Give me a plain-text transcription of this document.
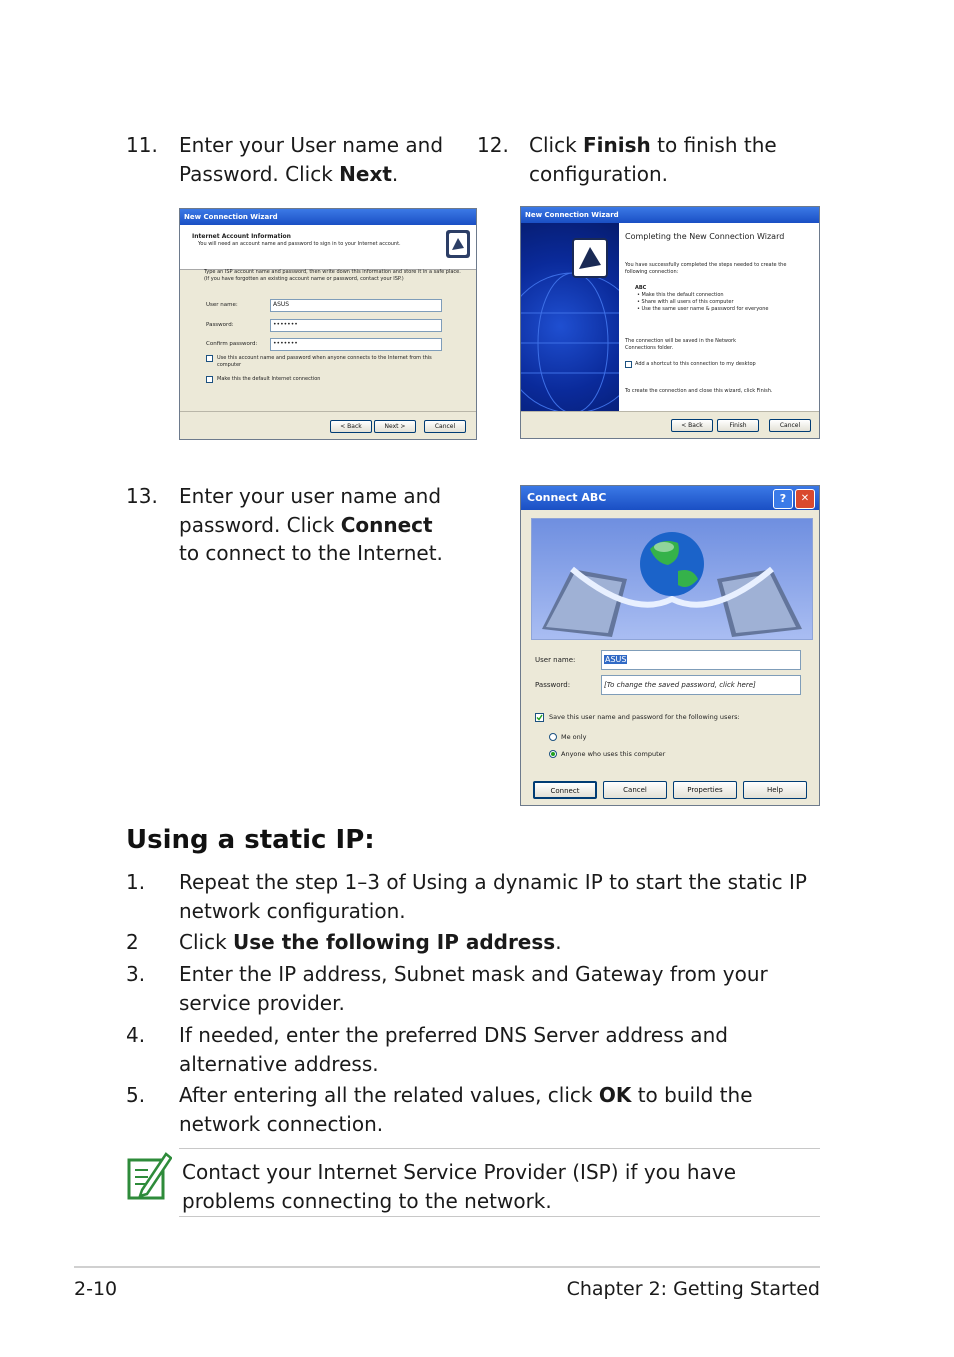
11. Enter your User name and Password. Click Next.
12. Click Finish to finish the configuration.
New Connection Wizard
Internet Account Information
You will need an account name and password to sign in to your Internet account.
Type an ISP account name and password, then write down this information and store it in a safe place. (If you have forgotten an existing account name or password, contact your ISP.)
User name:	ASUS
Password:	•••••••
Confirm password:	•••••••
Use this account name and password when anyone connects to the Internet from this computer
Make this the default Internet connection
< Back	Next >	Cancel
New Connection Wizard
Completing the New Connection Wizard
You have successfully completed the steps needed to create the following connection:
ABC
• Make this the default connection
• Share with all users of this computer
• Use the same user name & password for everyone
The connection will be saved in the Network Connections folder.
Add a shortcut to this connection to my desktop
To create the connection and close this wizard, click Finish.
< Back	Finish	Cancel
13. Enter your user name and password. Click Connect to connect to the Internet.
Connect ABC	?	✕
User name:	ASUS
Password:	[To change the saved password, click here]
Save this user name and password for the following users:
Me only
Anyone who uses this computer
Connect	Cancel	Properties	Help
Using a static IP:
1. Repeat the step 1–3 of Using a dynamic IP to start the static IP network configuration.
2 Click Use the following IP address.
3. Enter the IP address, Subnet mask and Gateway from your service provider.
4. If needed, enter the preferred DNS Server address and alternative address.
5. After entering all the related values, click OK to build the network connection.
Contact your Internet Service Provider (ISP) if you have problems connecting to the network.
2-10	Chapter 2: Getting Started
